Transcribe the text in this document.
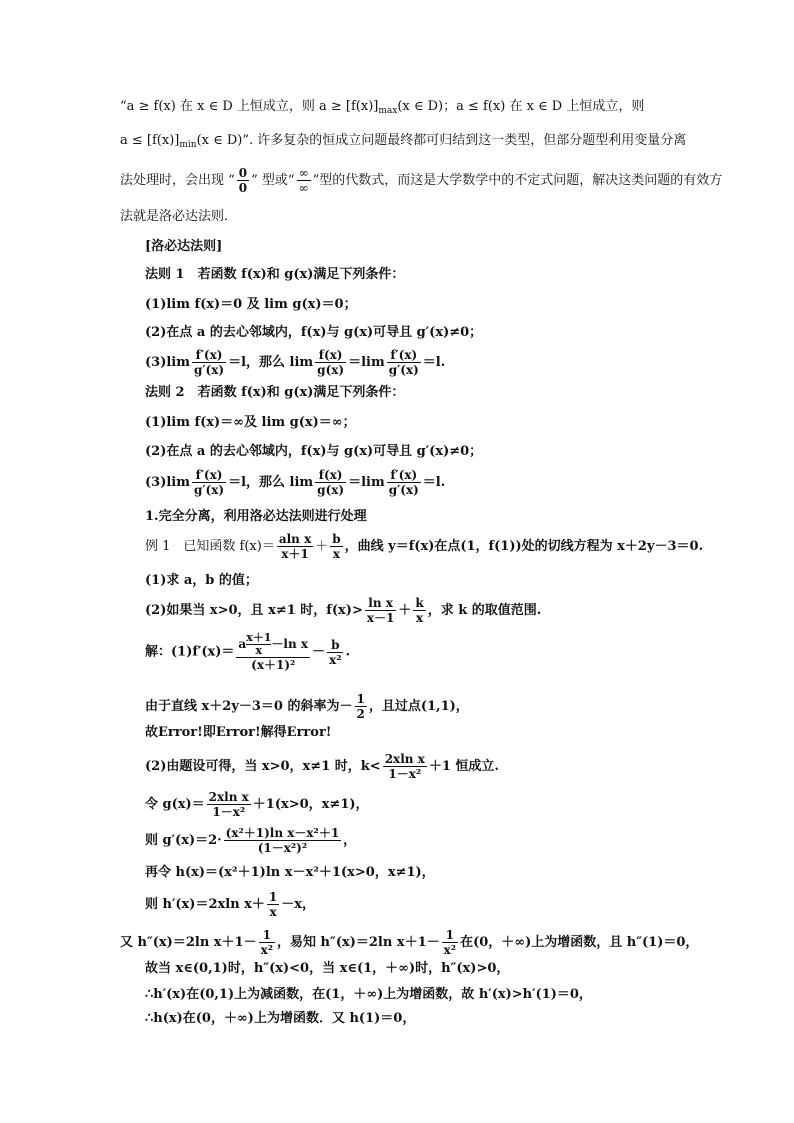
“a ≥ f(x) 在 x ∈ D 上恒成立，则 $a \ge [f(x)]_{max}(x$ ∈ D)；a ≤ f(x) 在 x ∈ D 上恒成立，则
$a \le [f(x)]_{min}(x$ ∈ D)”. 许多复杂的恒成立问题最终都可归结到这一类型，但部分题型利用变量分离
法处理时，会出现 “ $\frac{0}{0}$ ” 型或“ $\frac{\infty}{\infty}$ ”型的代数式，而这是大学数学中的不定式问题，解决这类问题的有效方
法就是洛必达法则．
[洛必达法则]
法则 1　若函数 f(x)和 g(x)满足下列条件：
(1)lim f(x)＝0 及 lim g(x)＝0；
(2)在点 a 的去心邻域内，f(x)与 g(x)可导且 g′(x)≠0；
$(3)\lim \frac{f'(x)}{g'(x)} =l$，那么 $\lim \frac{f(x)}{g(x)} =\lim \frac{f'(x)}{g'(x)} =l$.
法则 2　若函数 f(x)和 g(x)满足下列条件：
(1)lim f(x)＝∞及 lim g(x)＝∞；
(2)在点 a 的去心邻域内，f(x)与 g(x)可导且 g′(x)≠0；
$(3)\lim \frac{f'(x)}{g'(x)} =l$，那么 $\lim \frac{f(x)}{g(x)} =\lim \frac{f'(x)}{g'(x)} =l$.
1.完全分离，利用洛必达法则进行处理
例 1　已知函数 $f(x)= \frac{\text{aln x}}{x+1} + \frac{b}{x}$ ，曲线 y＝f(x)在点(1，f(1))处的切线方程为 x＋2y－3＝0.
(1)求 a，b 的值；
(2)如果当 x>0，且 x≠1 时，$f(x)> \frac{\text{ln x}}{x-1} + \frac{k}{x}$ ，求 k 的取值范围.
解：$(1)f'(x)= \frac{a \frac{x+1}{x} -\ln x}{\text{(x＋1)²}} - \frac{b}{\text{x²}}$ .
由于直线 x＋2y－3＝0 的斜率为－ $\frac{1}{2}$ ，且过点(1,1)，
故Error!即Error!解得Error!
(2)由题设可得，当 x>0，x≠1 时，$k< \frac{\text{2xln x}}{\text{1－x²}} +1$ 恒成立.
令 $g(x)= \frac{\text{2xln x}}{\text{1－x²}} +1(x>0$，x≠1)，
则 $g'(x)=2\cdot \frac{\text{(x²＋1)ln x－x²＋1}}{\text{(1－x²)²}}$ ，
再令 h(x)＝(x²＋1)ln x－x²＋1(x>0，x≠1)，
则 h′(x)＝2xln $x+ \frac{1}{x} -x$，
又 h″(x)＝2ln $x+1- \frac{1}{\text{x²}}$ ，易知 h″(x)＝2ln $x+1- \frac{1}{\text{x²}}$ 在(0，＋∞)上为增函数，且 h″(1)＝0，
故当 x∈(0,1)时，h″(x)<0，当 x∈(1，＋∞)时，h″(x)>0，
∴h′(x)在(0,1)上为减函数，在(1，＋∞)上为增函数，故 h′(x)>h′(1)＝0，
∴h(x)在(0，＋∞)上为增函数．又 h(1)＝0，
